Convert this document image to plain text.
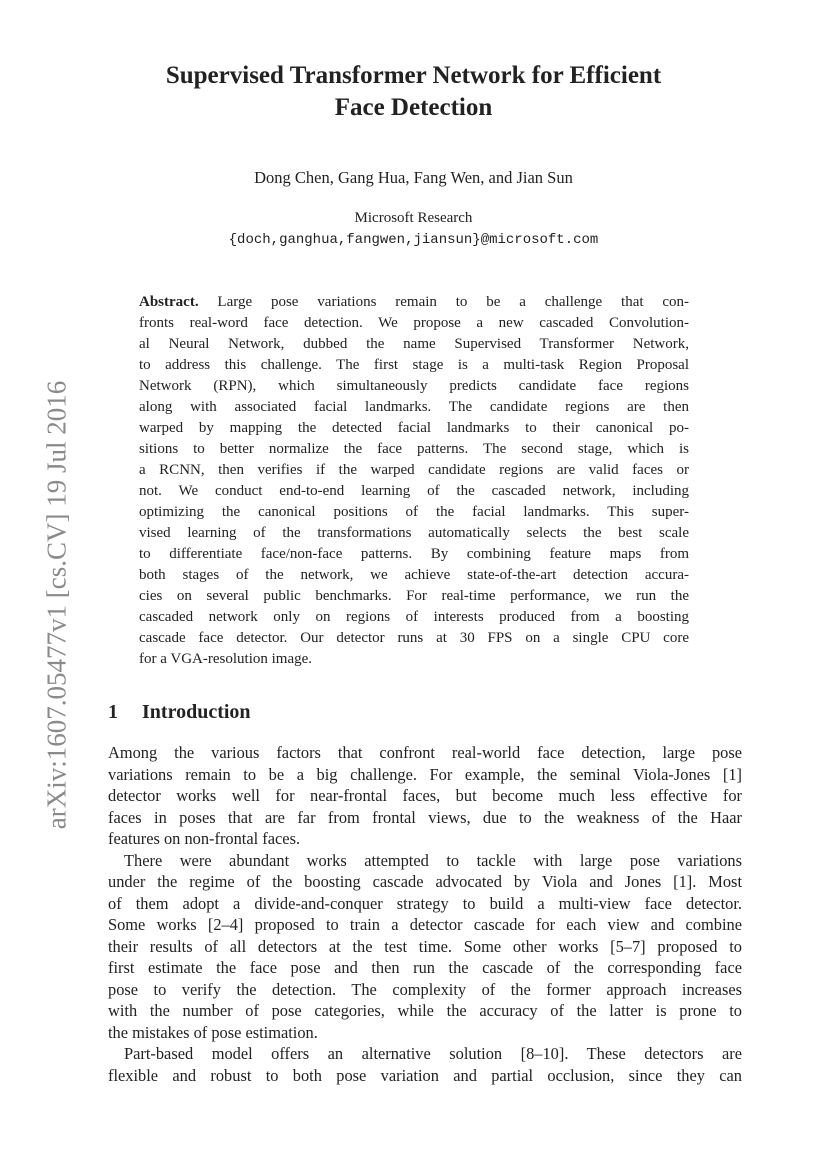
arXiv:1607.05477v1 [cs.CV] 19 Jul 2016
Supervised Transformer Network for Efficient
Face Detection
Dong Chen, Gang Hua, Fang Wen, and Jian Sun
Microsoft Research
{doch,ganghua,fangwen,jiansun}@microsoft.com
Abstract. Large pose variations remain to be a challenge that con-
fronts real-word face detection. We propose a new cascaded Convolution-
al Neural Network, dubbed the name Supervised Transformer Network,
to address this challenge. The first stage is a multi-task Region Proposal
Network (RPN), which simultaneously predicts candidate face regions
along with associated facial landmarks. The candidate regions are then
warped by mapping the detected facial landmarks to their canonical po-
sitions to better normalize the face patterns. The second stage, which is
a RCNN, then verifies if the warped candidate regions are valid faces or
not. We conduct end-to-end learning of the cascaded network, including
optimizing the canonical positions of the facial landmarks. This super-
vised learning of the transformations automatically selects the best scale
to differentiate face/non-face patterns. By combining feature maps from
both stages of the network, we achieve state-of-the-art detection accura-
cies on several public benchmarks. For real-time performance, we run the
cascaded network only on regions of interests produced from a boosting
cascade face detector. Our detector runs at 30 FPS on a single CPU core
for a VGA-resolution image.
1 Introduction
Among the various factors that confront real-world face detection, large pose
variations remain to be a big challenge. For example, the seminal Viola-Jones [1]
detector works well for near-frontal faces, but become much less effective for
faces in poses that are far from frontal views, due to the weakness of the Haar
features on non-frontal faces.
There were abundant works attempted to tackle with large pose variations
under the regime of the boosting cascade advocated by Viola and Jones [1]. Most
of them adopt a divide-and-conquer strategy to build a multi-view face detector.
Some works [2–4] proposed to train a detector cascade for each view and combine
their results of all detectors at the test time. Some other works [5–7] proposed to
first estimate the face pose and then run the cascade of the corresponding face
pose to verify the detection. The complexity of the former approach increases
with the number of pose categories, while the accuracy of the latter is prone to
the mistakes of pose estimation.
Part-based model offers an alternative solution [8–10]. These detectors are
flexible and robust to both pose variation and partial occlusion, since they can
